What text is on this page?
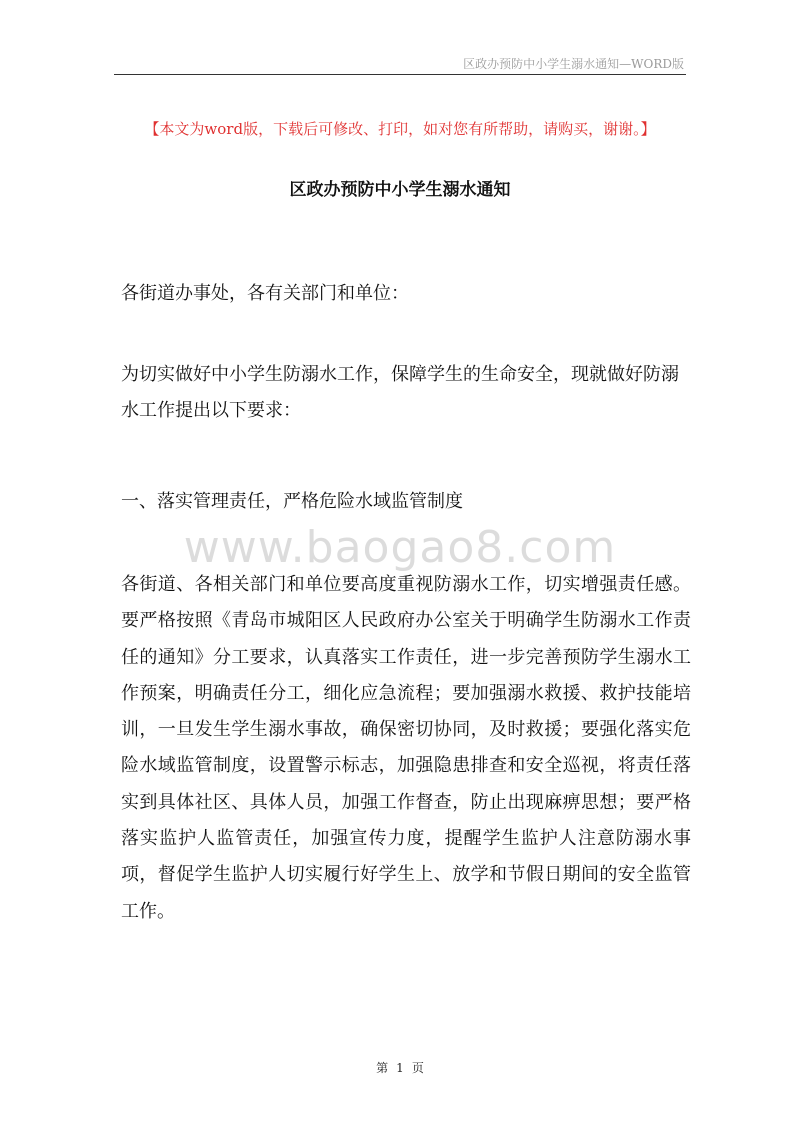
区政办预防中小学生溺水通知—WORD版
【本文为word版，下载后可修改、打印，如对您有所帮助，请购买，谢谢。】
区政办预防中小学生溺水通知

各街道办事处，各有关部门和单位：

为切实做好中小学生防溺水工作，保障学生的生命安全，现就做好防溺水工作提出以下要求：

一、落实管理责任，严格危险水域监管制度

www.baogao8.com

各街道、各相关部门和单位要高度重视防溺水工作，切实增强责任感。要严格按照《青岛市城阳区人民政府办公室关于明确学生防溺水工作责任的通知》分工要求，认真落实工作责任，进一步完善预防学生溺水工作预案，明确责任分工，细化应急流程；要加强溺水救援、救护技能培训，一旦发生学生溺水事故，确保密切协同，及时救援；要强化落实危险水域监管制度，设置警示标志，加强隐患排查和安全巡视，将责任落实到具体社区、具体人员，加强工作督查，防止出现麻痹思想；要严格落实监护人监管责任，加强宣传力度，提醒学生监护人注意防溺水事项，督促学生监护人切实履行好学生上、放学和节假日期间的安全监管工作。

第 1 页
